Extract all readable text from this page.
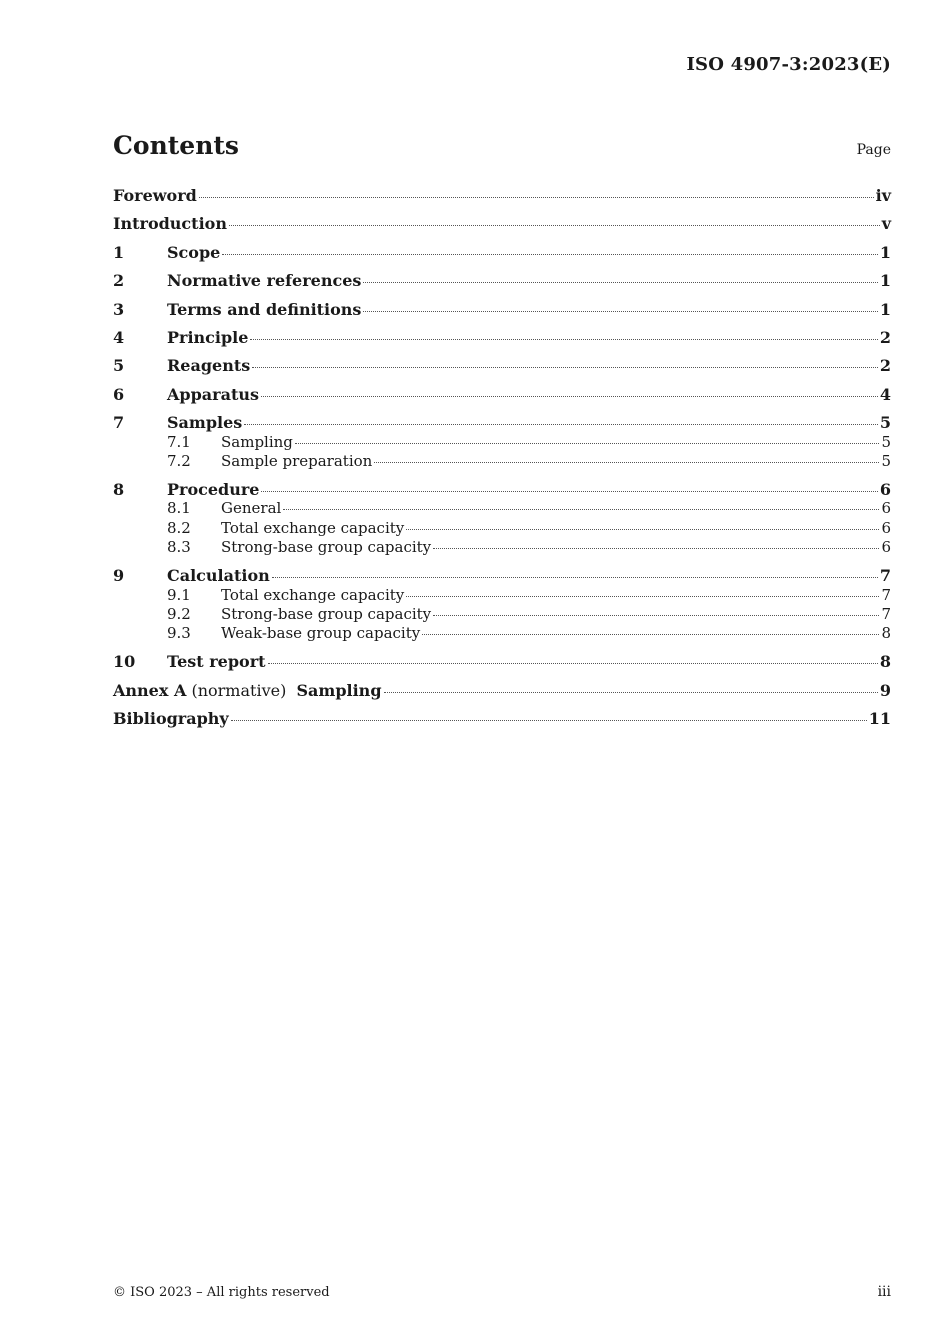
ISO 4907-3:2023(E)
Contents	Page
Foreword	iv
Introduction	v
1	Scope	1
2	Normative references	1
3	Terms and definitions	1
4	Principle	2
5	Reagents	2
6	Apparatus	4
7	Samples	5
7.1	Sampling	5
7.2	Sample preparation	5
8	Procedure	6
8.1	General	6
8.2	Total exchange capacity	6
8.3	Strong-base group capacity	6
9	Calculation	7
9.1	Total exchange capacity	7
9.2	Strong-base group capacity	7
9.3	Weak-base group capacity	8
10	Test report	8
Annex A (normative)  Sampling	9
Bibliography	11
© ISO 2023 – All rights reserved	iii
